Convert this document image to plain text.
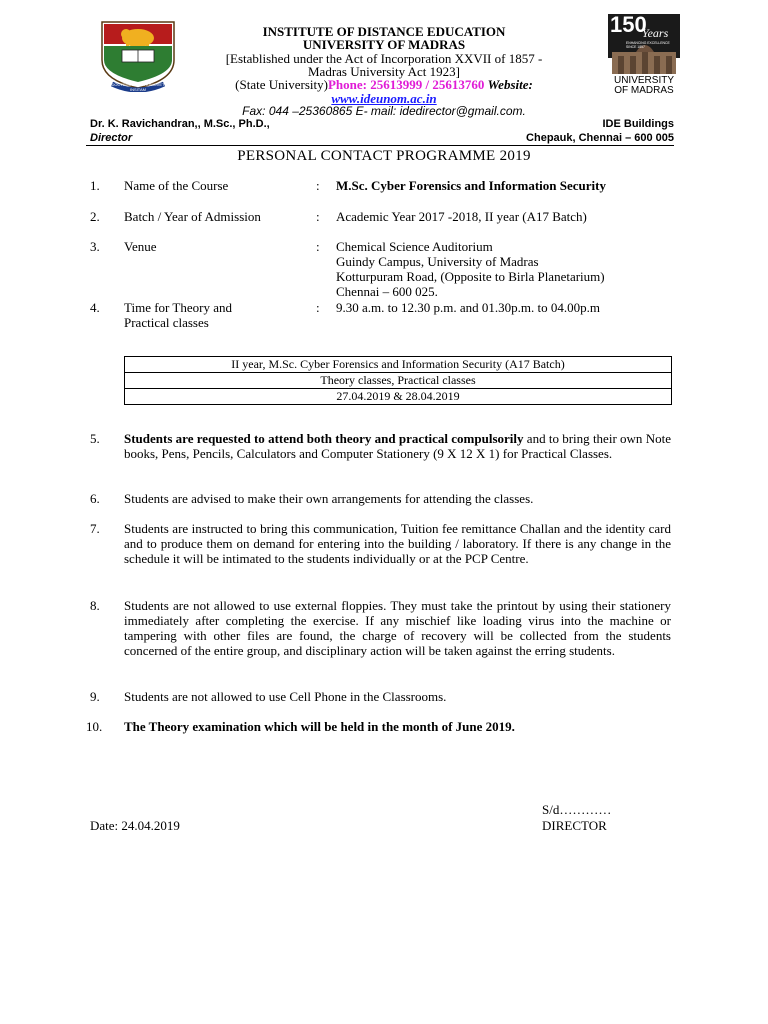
DOCTRINA VIM PROMOVET INSITAM
150
Years
ENHANCING EXCELLENCE SINCE 1857
UNIVERSITY
OF MADRAS
INSTITUTE OF DISTANCE EDUCATION
UNIVERSITY OF MADRAS
[Established under the Act of Incorporation XXVII of 1857 -
Madras University Act 1923]
(State University)Phone: 25613999 / 25613760 Website:
www.ideunom.ac.in
Fax: 044 –25360865 E- mail: idedirector@gmail.com.
Dr. K. Ravichandran,, M.Sc., Ph.D.,
Director
IDE Buildings
Chepauk, Chennai – 600 005
PERSONAL CONTACT PROGRAMME 2019
1. Name of the Course	: M.Sc. Cyber Forensics and Information Security
2. Batch / Year of Admission	: Academic Year 2017 -2018, II year (A17 Batch)
3. Venue	: Chemical Science Auditorium
Guindy Campus, University of Madras
Kotturpuram Road, (Opposite to Birla Planetarium)
Chennai – 600 025.
4. Time for Theory and
Practical classes
: 9.30 a.m. to 12.30 p.m. and 01.30p.m. to 04.00p.m
II year, M.Sc. Cyber Forensics and Information Security (A17 Batch)
Theory classes, Practical classes
27.04.2019 & 28.04.2019
5. Students are requested to attend both theory and practical compulsorily and to bring their own Note books, Pens, Pencils, Calculators and Computer Stationery (9 X 12 X 1) for Practical Classes.
6. Students are advised to make their own arrangements for attending the classes.
7. Students are instructed to bring this communication, Tuition fee remittance Challan and the identity card and to produce them on demand for entering into the building / laboratory. If there is any change in the schedule it will be intimated to the students individually or at the PCP Centre.
8. Students are not allowed to use external floppies. They must take the printout by using their stationery immediately after completing the exercise. If any mischief like loading virus into the machine or tampering with other files are found, the charge of recovery will be collected from the students concerned of the entire group, and disciplinary action will be taken against the erring students.
9. Students are not allowed to use Cell Phone in the Classrooms.
10. The Theory examination which will be held in the month of June 2019.
S/d…………
DIRECTOR
Date: 24.04.2019
